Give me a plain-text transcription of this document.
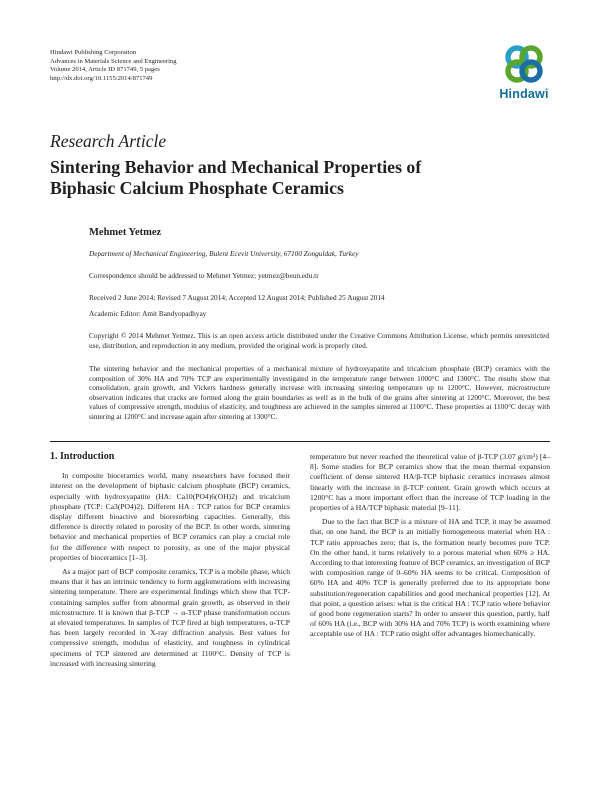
Hindawi Publishing Corporation
Advances in Materials Science and Engineering
Volume 2014, Article ID 871749, 5 pages
http://dx.doi.org/10.1155/2014/871749
Hindawi
Research Article
Sintering Behavior and Mechanical Properties of
Biphasic Calcium Phosphate Ceramics
Mehmet Yetmez
Department of Mechanical Engineering, Bulent Ecevit University, 67100 Zonguldak, Turkey
Correspondence should be addressed to Mehmet Yetmez; yetmez@beun.edu.tr
Received 2 June 2014; Revised 7 August 2014; Accepted 12 August 2014; Published 25 August 2014
Academic Editor: Amit Bandyopadhyay
Copyright © 2014 Mehmet Yetmez. This is an open access article distributed under the Creative Commons Attribution License, which permits unrestricted use, distribution, and reproduction in any medium, provided the original work is properly cited.
The sintering behavior and the mechanical properties of a mechanical mixture of hydroxyapatite and tricalcium phosphate (BCP) ceramics with the composition of 30% HA and 70% TCP are experimentally investigated in the temperature range between 1000°C and 1300°C. The results show that consolidation, grain growth, and Vickers hardness generally increase with increasing sintering temperature up to 1200°C. However, microstructure observation indicates that cracks are formed along the grain boundaries as well as in the bulk of the grains after sintering at 1200°C. Moreover, the best values of compressive strength, modulus of elasticity, and toughness are achieved in the samples sintered at 1100°C. These properties at 1100°C decay with sintering at 1200°C and increase again after sintering at 1300°C.
1. Introduction

In composite bioceramics world, many researchers have focused their interest on the development of biphasic calcium phosphate (BCP) ceramics, especially with hydroxyapatite (HA: Ca10(PO4)6(OH)2) and tricalcium phosphate (TCP: Ca3(PO4)2). Different HA : TCP ratios for BCP ceramics display different bioactive and bioresorbing capacities. Generally, this difference is directly related to porosity of the BCP. In other words, sintering behavior and mechanical properties of BCP ceramics can play a crucial role for the difference with respect to porosity, as one of the major physical properties of bioceramics [1–3].

As a major part of BCP composite ceramics, TCP is a mobile phase, which means that it has an intrinsic tendency to form agglomerations with increasing sintering temperature. There are experimental findings which show that TCP-containing samples suffer from abnormal grain growth, as observed in their microstructure. It is known that β-TCP → α-TCP phase transformation occurs at elevated temperatures. In samples of TCP fired at high temperatures, α-TCP has been largely recorded in X-ray diffraction analysis. Best values for compressive strength, modulus of elasticity, and toughness in cylindrical specimens of TCP sintered are determined at 1100°C. Density of TCP is increased with increasing sintering

temperature but never reached the theoretical value of β-TCP (3.07 g/cm³) [4–8]. Some studies for BCP ceramics show that the mean thermal expansion coefficient of dense sintered HA/β-TCP biphasic ceramics increases almost linearly with the increase in β-TCP content. Grain growth which occurs at 1200°C has a more important effect than the increase of TCP loading in the properties of a HA/TCP biphasic material [9–11].

Due to the fact that BCP is a mixture of HA and TCP, it may be assumed that, on one hand, the BCP is an initially homogeneous material when HA : TCP ratio approaches zero; that is, the formation nearly becomes pure TCP. On the other hand, it turns relatively to a porous material when 60% ≥ HA. According to that interesting feature of BCP ceramics, an investigation of BCP with composition range of 0–60% HA seems to be critical. Composition of 60% HA and 40% TCP is generally preferred due to its appropriate bone substitution/regeneration capabilities and good mechanical properties [12]. At that point, a question arises: what is the critical HA : TCP ratio where behavior of good bone regeneration starts? In order to answer this question, partly, half of 60% HA (i.e., BCP with 30% HA and 70% TCP) is worth examining where acceptable use of HA : TCP ratio might offer advantages biomechanically.
